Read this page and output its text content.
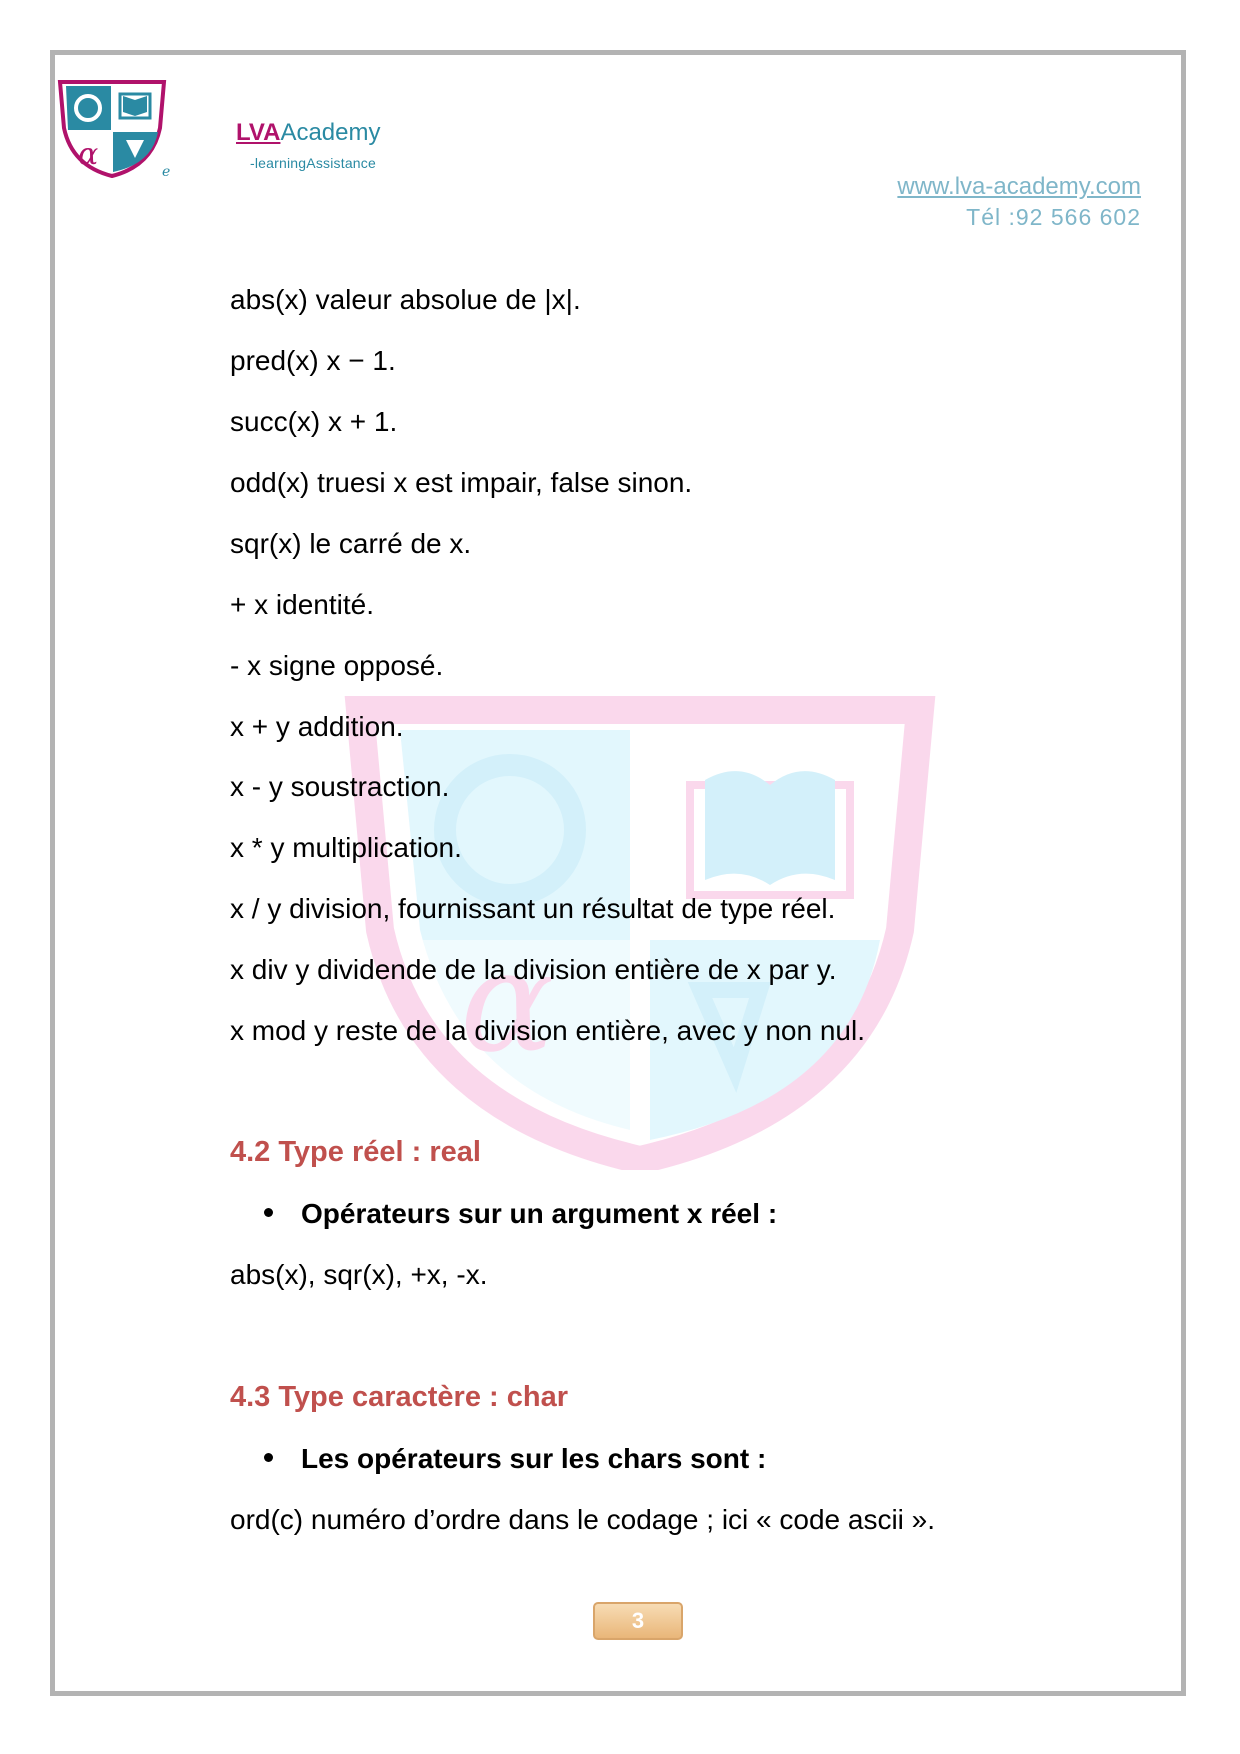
α
α	e
LVAAcademy
-learningAssistance
www.lva-academy.com
Tél :92 566 602
abs(x) valeur absolue de |x|.
pred(x) x − 1.
succ(x) x + 1.
odd(x) truesi x est impair, false sinon.
sqr(x) le carré de x.
+ x identité.
- x signe opposé.
x + y addition.
x - y soustraction.
x * y multiplication.
x / y division, fournissant un résultat de type réel.
x div y dividende de la division entière de x par y.
x mod y reste de la division entière, avec y non nul.
4.2 Type réel : real
Opérateurs sur un argument x réel :
abs(x), sqr(x), +x, -x.
4.3 Type caractère : char
Les opérateurs sur les chars sont :
ord(c) numéro d’ordre dans le codage ; ici « code ascii ».
3
